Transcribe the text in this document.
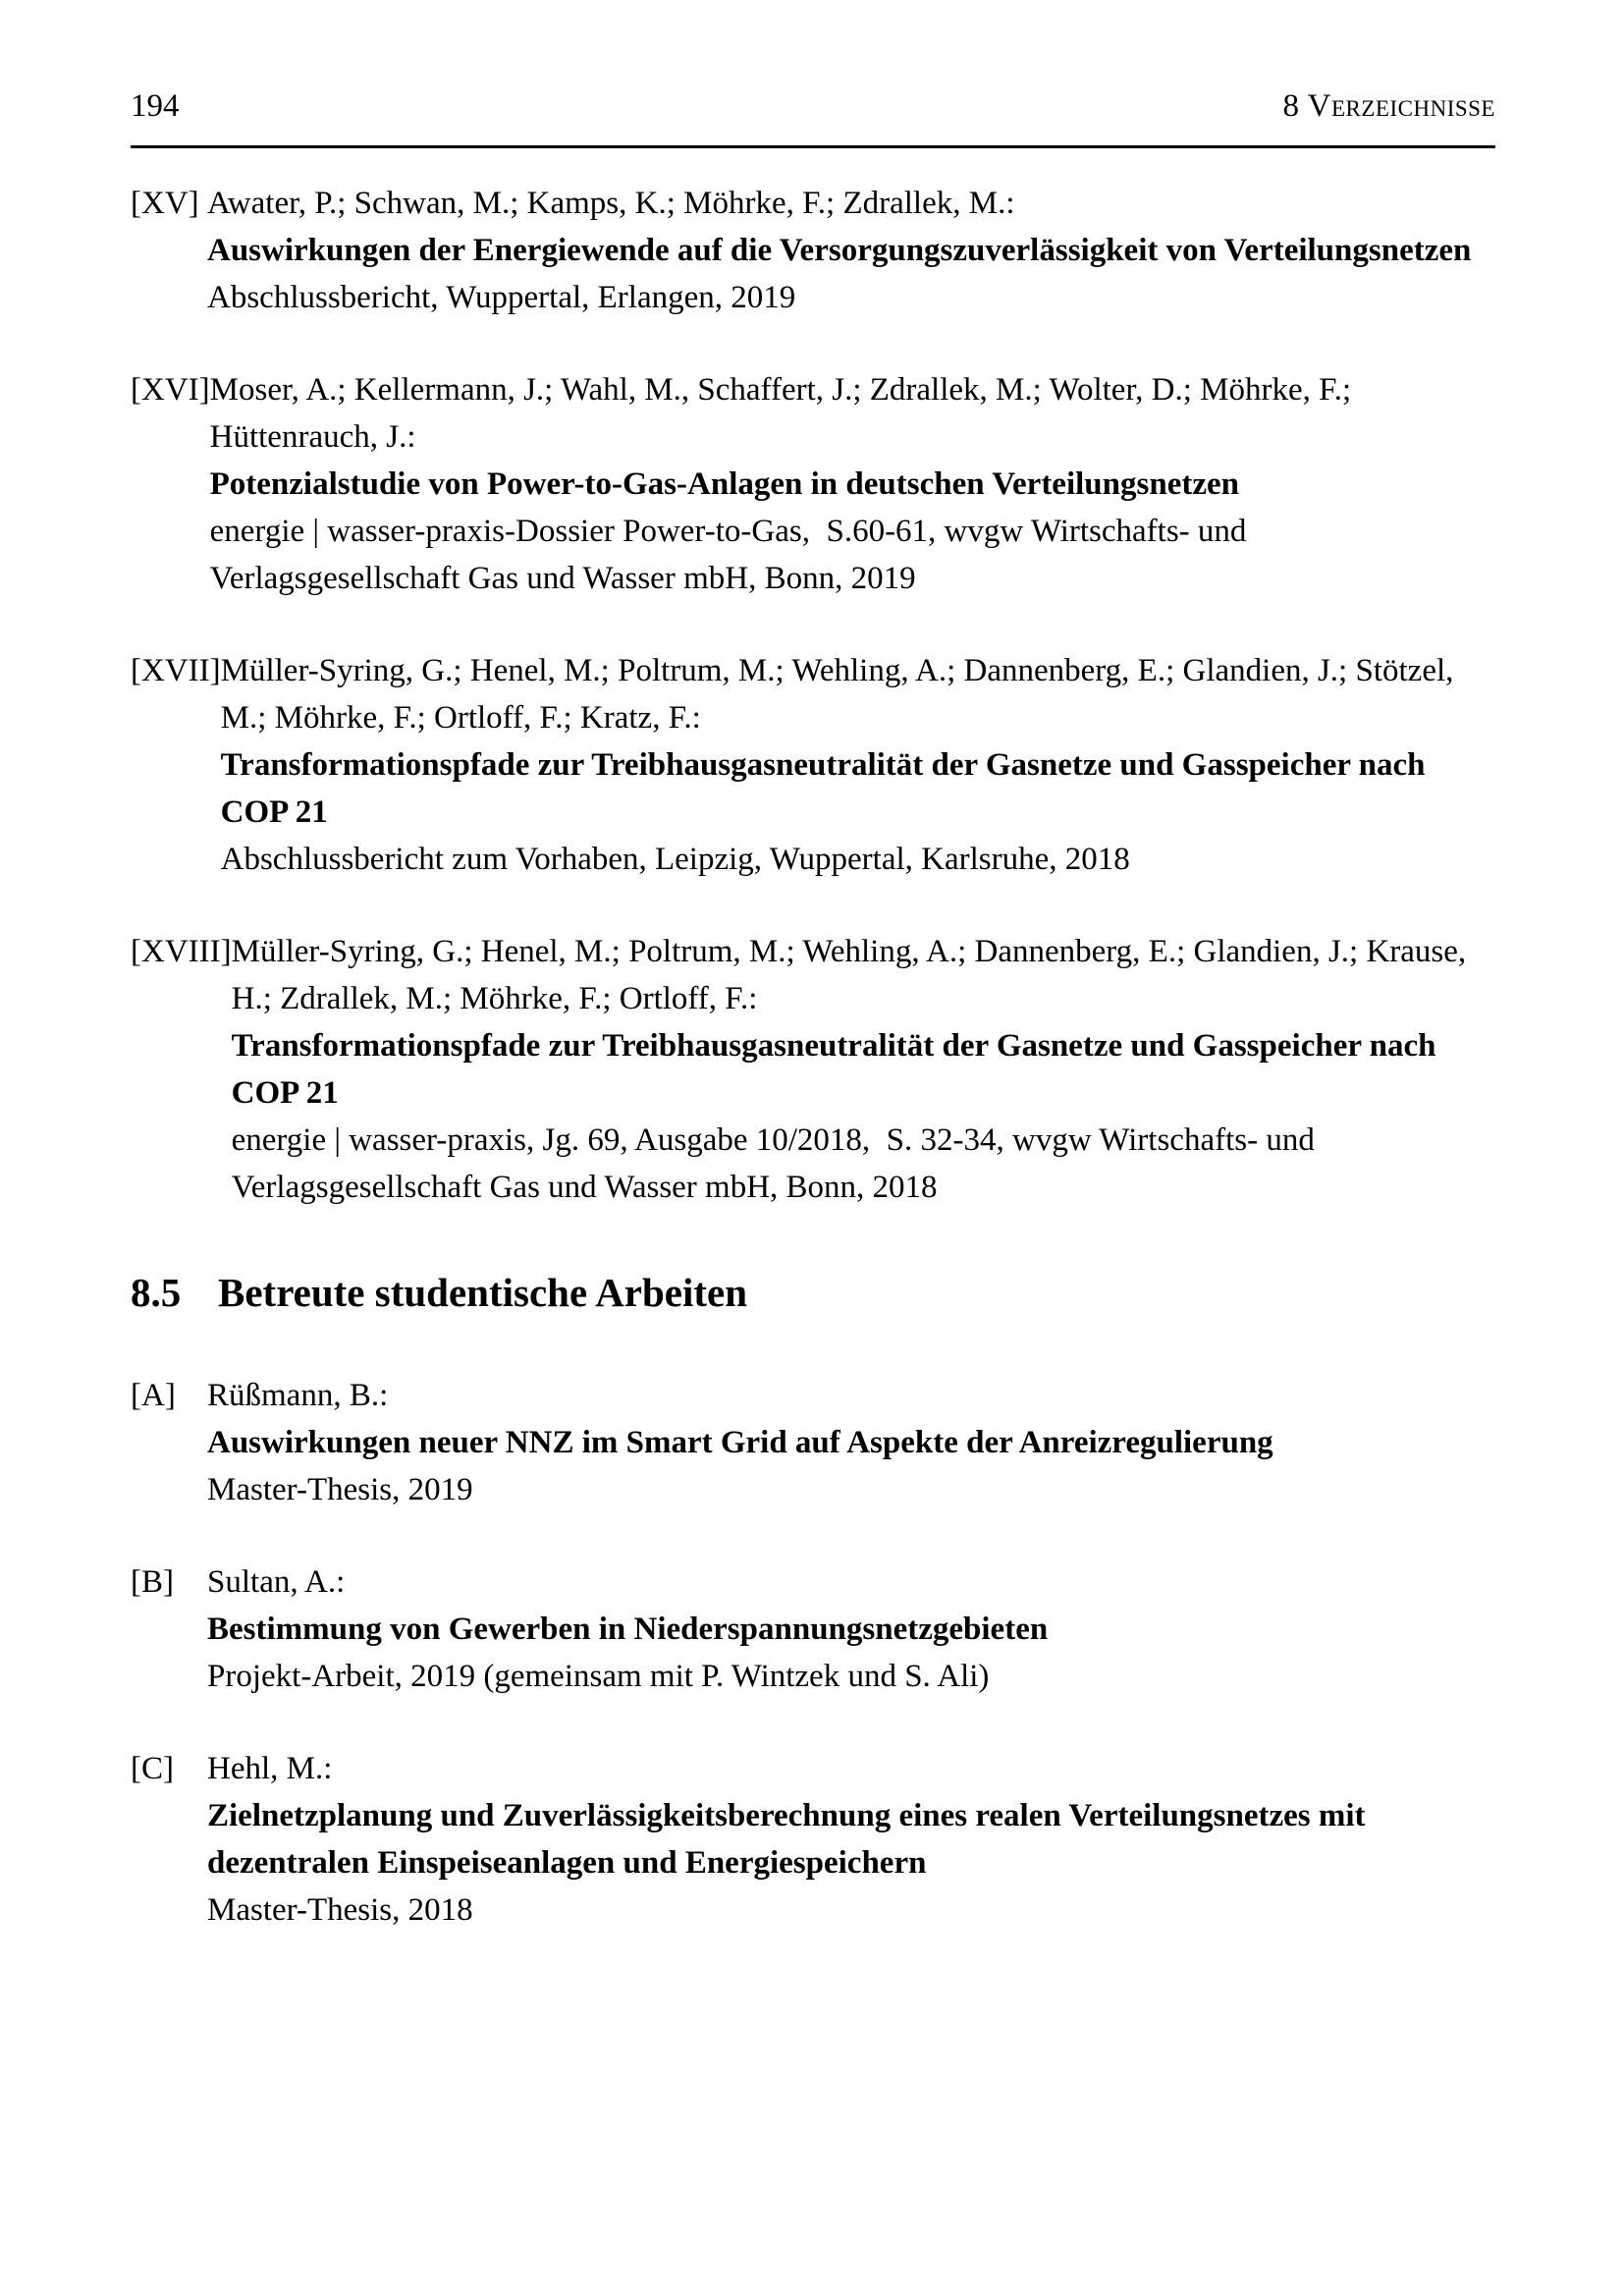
194	8 Verzeichnisse
[XV] Awater, P.; Schwan, M.; Kamps, K.; Möhrke, F.; Zdrallek, M.:
Auswirkungen der Energiewende auf die Versorgungszuverlässigkeit von Verteilungsnetzen
Abschlussbericht, Wuppertal, Erlangen, 2019
[XVI] Moser, A.; Kellermann, J.; Wahl, M., Schaffert, J.; Zdrallek, M.; Wolter, D.; Möhrke, F.; Hüttenrauch, J.:
Potenzialstudie von Power-to-Gas-Anlagen in deutschen Verteilungsnetzen
energie | wasser-praxis-Dossier Power-to-Gas,  S.60-61, wvgw Wirtschafts- und Verlagsgesellschaft Gas und Wasser mbH, Bonn, 2019
[XVII] Müller-Syring, G.; Henel, M.; Poltrum, M.; Wehling, A.; Dannenberg, E.; Glandien, J.; Stötzel, M.; Möhrke, F.; Ortloff, F.; Kratz, F.:
Transformationspfade zur Treibhausgasneutralität der Gasnetze und Gasspeicher nach COP 21
Abschlussbericht zum Vorhaben, Leipzig, Wuppertal, Karlsruhe, 2018
[XVIII] Müller-Syring, G.; Henel, M.; Poltrum, M.; Wehling, A.; Dannenberg, E.; Glandien, J.; Krause, H.; Zdrallek, M.; Möhrke, F.; Ortloff, F.:
Transformationspfade zur Treibhausgasneutralität der Gasnetze und Gasspeicher nach COP 21
energie | wasser-praxis, Jg. 69, Ausgabe 10/2018,  S. 32-34, wvgw Wirtschafts- und Verlagsgesellschaft Gas und Wasser mbH, Bonn, 2018
8.5 Betreute studentische Arbeiten
[A] Rüßmann, B.:
Auswirkungen neuer NNZ im Smart Grid auf Aspekte der Anreizregulierung
Master-Thesis, 2019
[B]	Sultan, A.:
Bestimmung von Gewerben in Niederspannungsnetzgebieten
Projekt-Arbeit, 2019 (gemeinsam mit P. Wintzek und S. Ali)
[C]	Hehl, M.:
Zielnetzplanung und Zuverlässigkeitsberechnung eines realen Verteilungsnetzes mit dezentralen Einspeiseanlagen und Energiespeichern
Master-Thesis, 2018
